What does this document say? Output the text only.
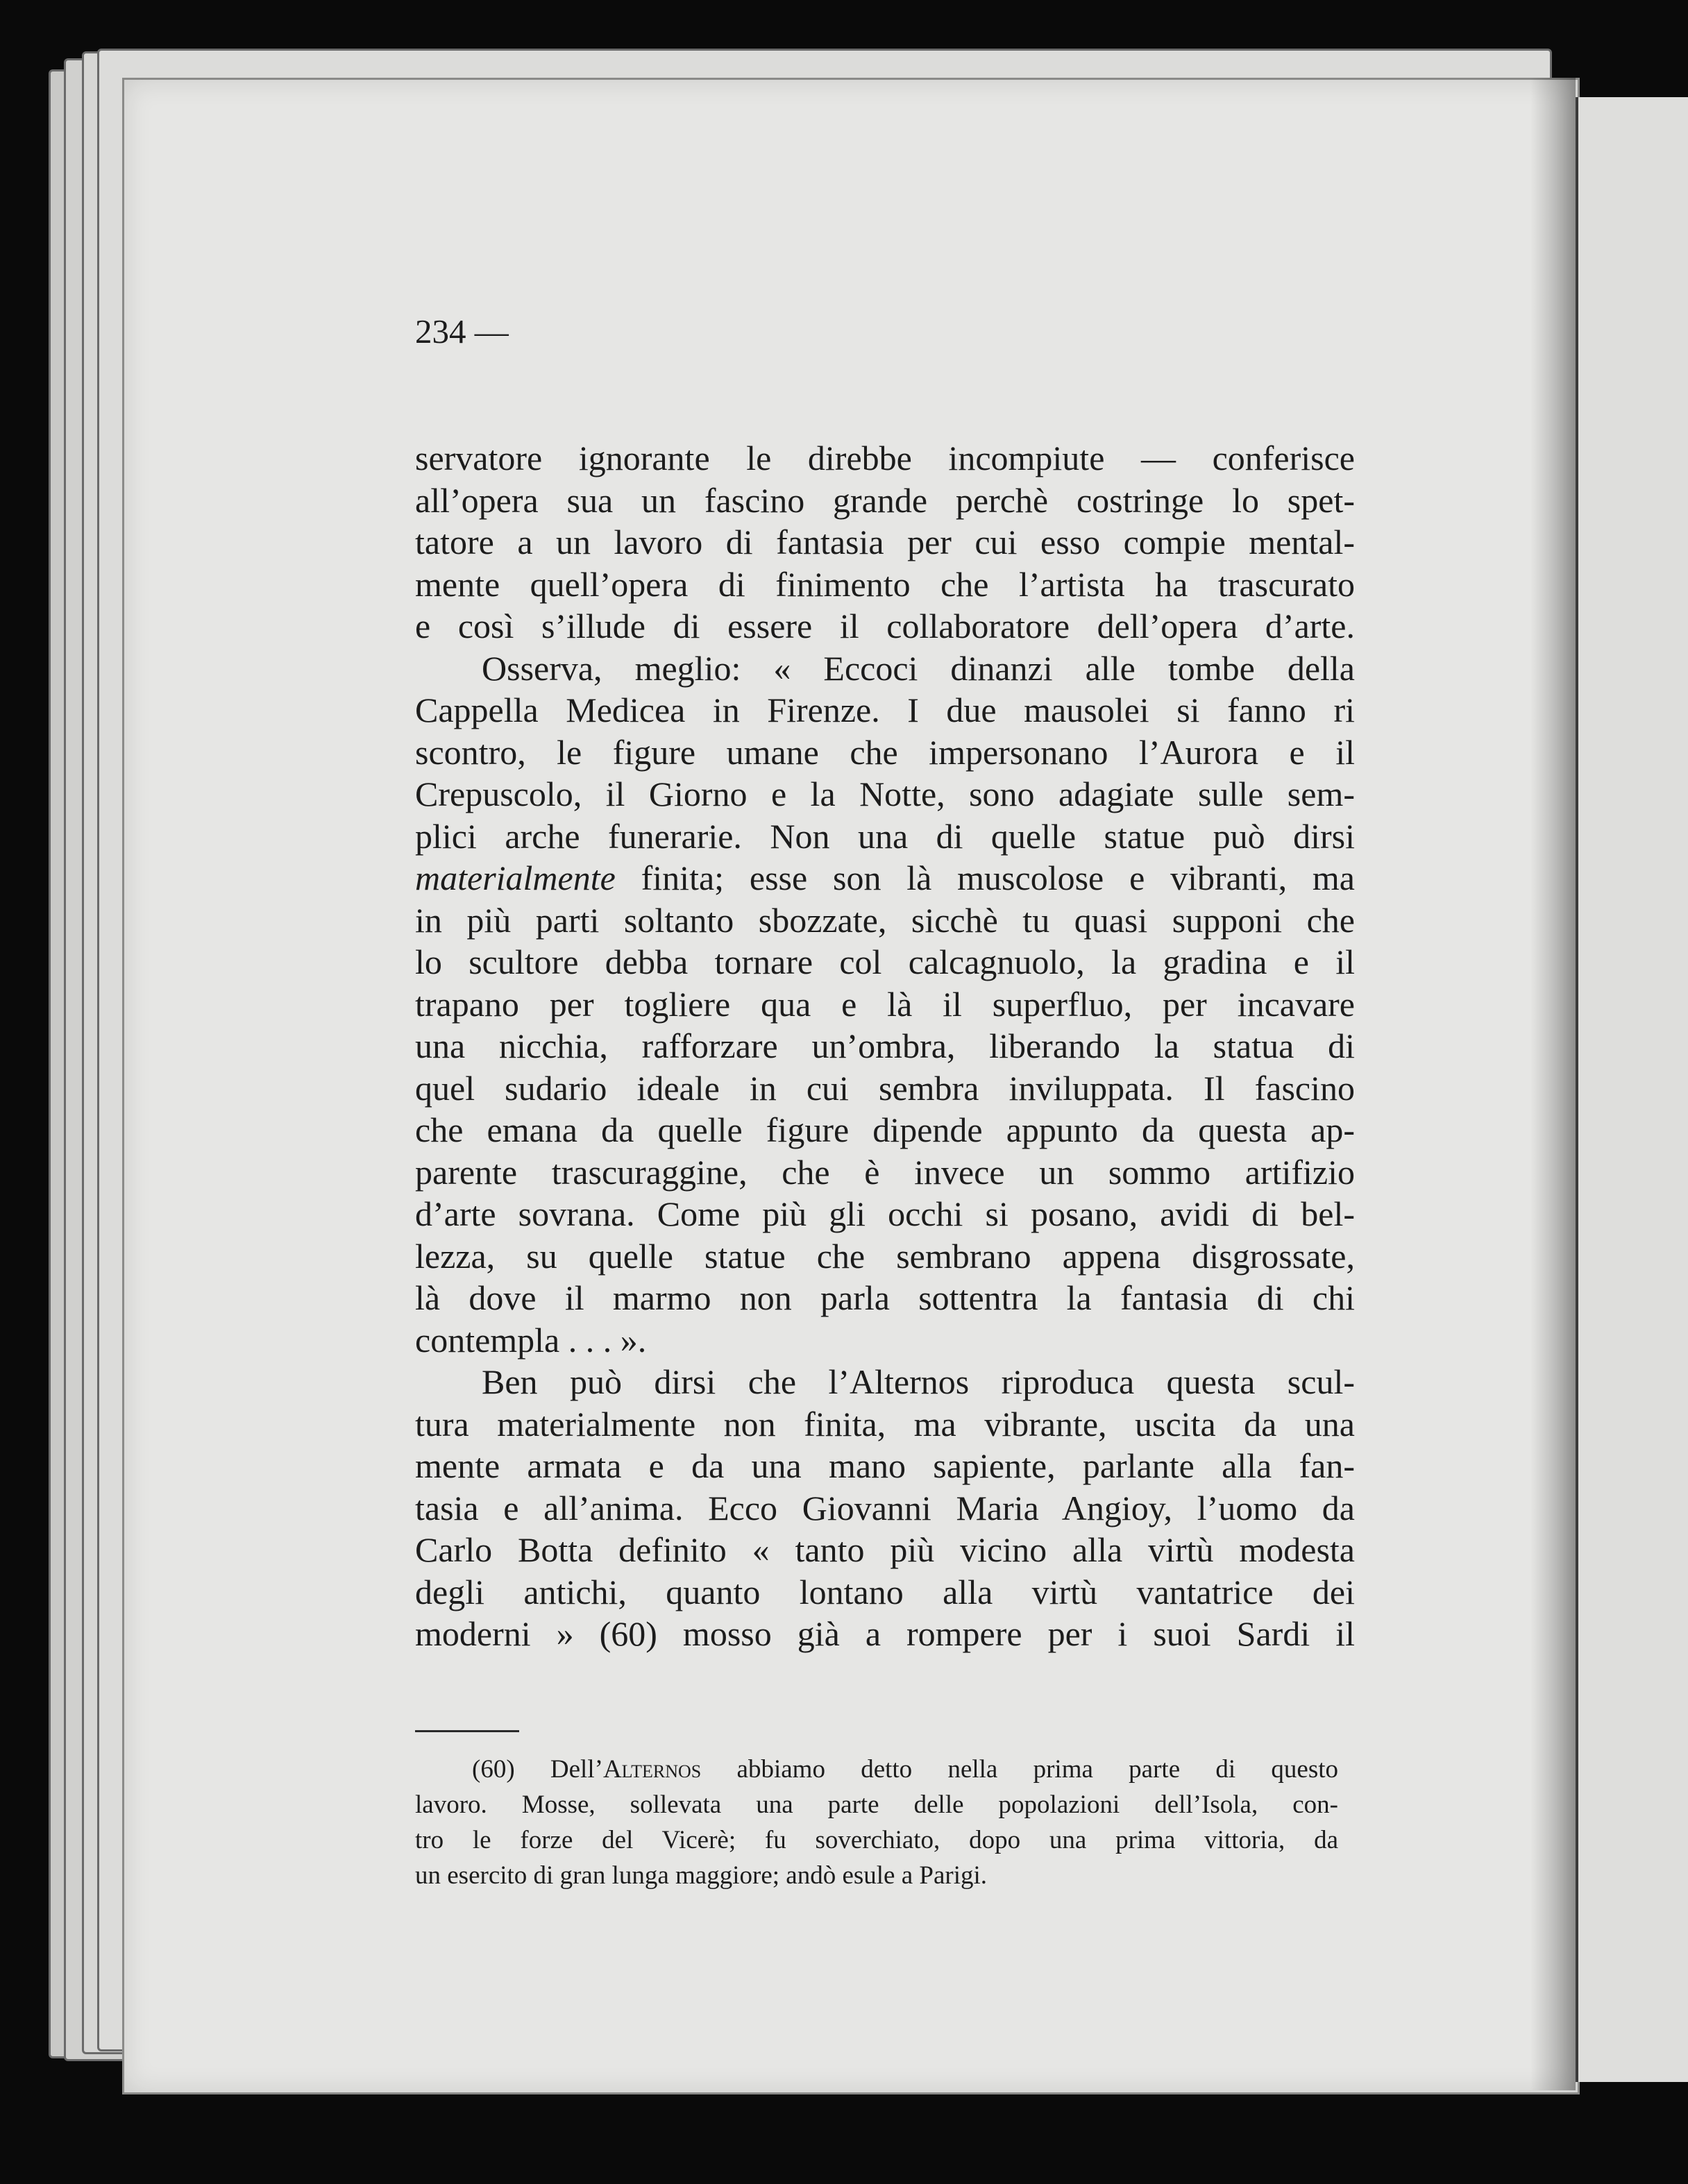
234 —
servatore ignorante le direbbe incompiute — conferisce
all’opera sua un fascino grande perchè costringe lo spet-
tatore a un lavoro di fantasia per cui esso compie mental-
mente quell’opera di finimento che l’artista ha trascurato
e così s’illude di essere il collaboratore dell’opera d’arte.
Osserva, meglio: « Eccoci dinanzi alle tombe della
Cappella Medicea in Firenze. I due mausolei si fanno ri
scontro, le figure umane che impersonano l’Aurora e il
Crepuscolo, il Giorno e la Notte, sono adagiate sulle sem-
plici arche funerarie. Non una di quelle statue può dirsi
materialmente finita; esse son là muscolose e vibranti, ma
in più parti soltanto sbozzate, sicchè tu quasi supponi che
lo scultore debba tornare col calcagnuolo, la gradina e il
trapano per togliere qua e là il superfluo, per incavare
una nicchia, rafforzare un’ombra, liberando la statua di
quel sudario ideale in cui sembra inviluppata. Il fascino
che emana da quelle figure dipende appunto da questa ap-
parente trascuraggine, che è invece un sommo artifizio
d’arte sovrana. Come più gli occhi si posano, avidi di bel-
lezza, su quelle statue che sembrano appena disgrossate,
là dove il marmo non parla sottentra la fantasia di chi
contempla . . . ».
Ben può dirsi che l’Alternos riproduca questa scul-
tura materialmente non finita, ma vibrante, uscita da una
mente armata e da una mano sapiente, parlante alla fan-
tasia e all’anima. Ecco Giovanni Maria Angioy, l’uomo da
Carlo Botta definito « tanto più vicino alla virtù modesta
degli antichi, quanto lontano alla virtù vantatrice dei
moderni » (60) mosso già a rompere per i suoi Sardi il
(60) Dell’Alternos abbiamo detto nella prima parte di questo
lavoro. Mosse, sollevata una parte delle popolazioni dell’Isola, con-
tro le forze del Vicerè; fu soverchiato, dopo una prima vittoria, da
un esercito di gran lunga maggiore; andò esule a Parigi.
